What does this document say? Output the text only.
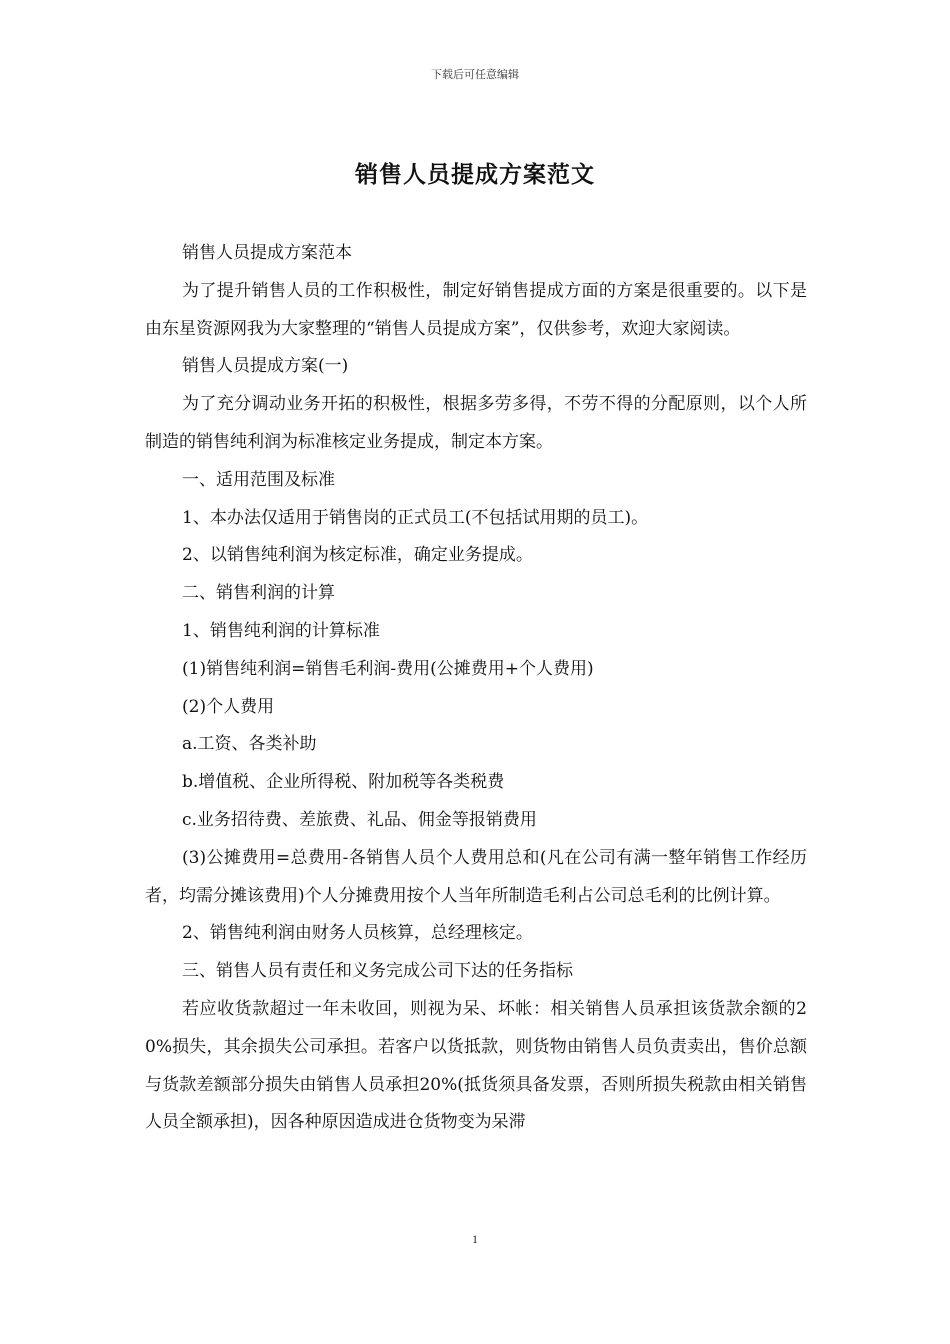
下载后可任意编辑
销售人员提成方案范文

销售人员提成方案范本

为了提升销售人员的工作积极性，制定好销售提成方面的方案是很重要的。以下是由东星资源网我为大家整理的“销售人员提成方案”，仅供参考，欢迎大家阅读。

销售人员提成方案(一)

为了充分调动业务开拓的积极性，根据多劳多得，不劳不得的分配原则，以个人所制造的销售纯利润为标准核定业务提成，制定本方案。

一、适用范围及标准

1、本办法仅适用于销售岗的正式员工(不包括试用期的员工)。

2、以销售纯利润为核定标准，确定业务提成。

二、销售利润的计算

1、销售纯利润的计算标准

(1)销售纯利润=销售毛利润-费用(公摊费用+个人费用)

(2)个人费用

a.工资、各类补助

b.增值税、企业所得税、附加税等各类税费

c.业务招待费、差旅费、礼品、佣金等报销费用

(3)公摊费用=总费用-各销售人员个人费用总和(凡在公司有满一整年销售工作经历者，均需分摊该费用)个人分摊费用按个人当年所制造毛利占公司总毛利的比例计算。

2、销售纯利润由财务人员核算，总经理核定。

三、销售人员有责任和义务完成公司下达的任务指标

若应收货款超过一年未收回，则视为呆、坏帐：相关销售人员承担该货款余额的20%损失，其余损失公司承担。若客户以货抵款，则货物由销售人员负责卖出，售价总额与货款差额部分损失由销售人员承担20%(抵货须具备发票，否则所损失税款由相关销售人员全额承担)，因各种原因造成进仓货物变为呆滞

1
